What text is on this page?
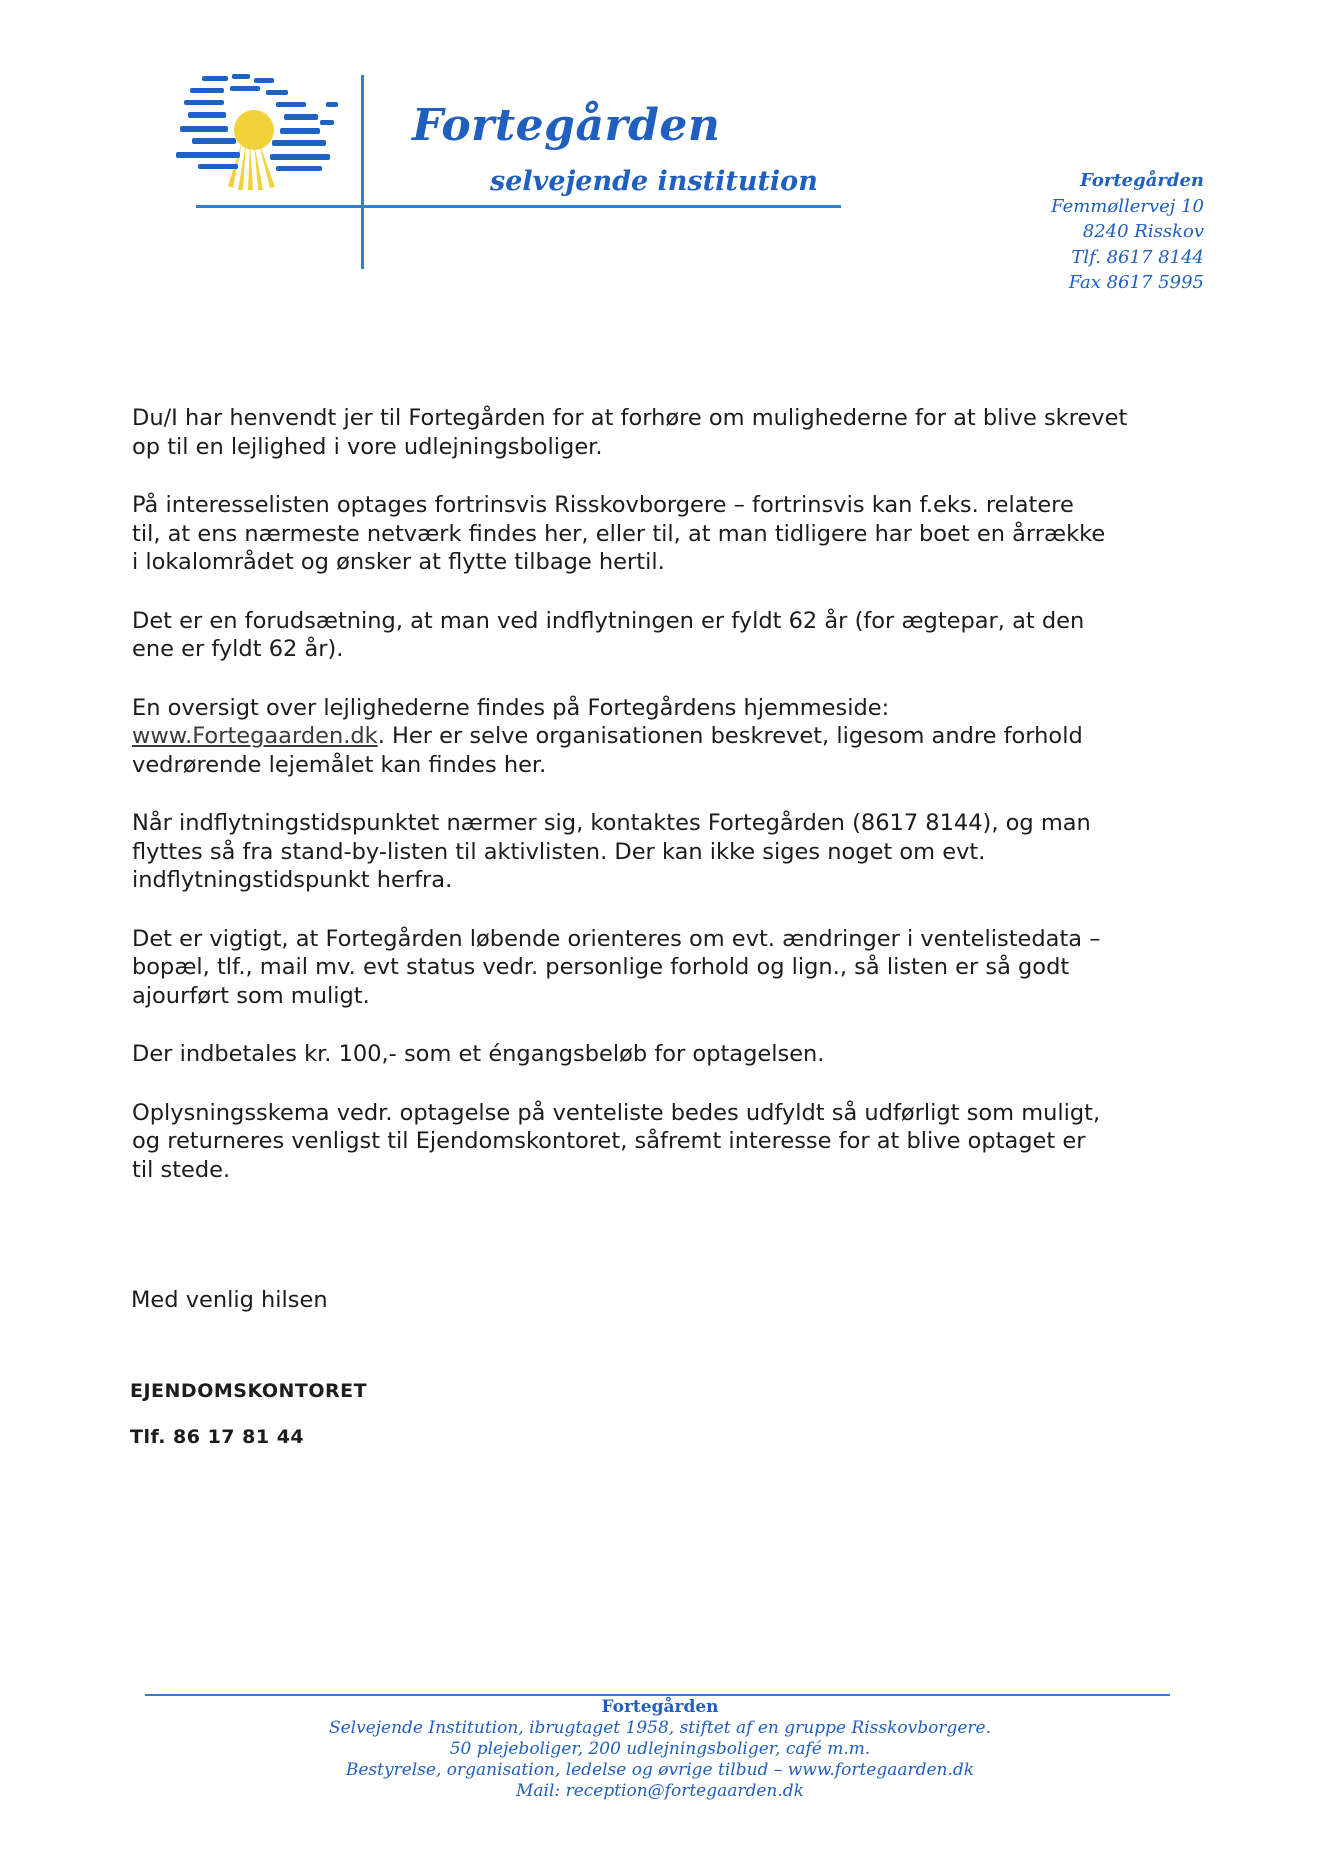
Fortegården
selvejende institution	Fortegården
Femmøllervej 10
8240 Risskov
Tlf. 8617 8144
Fax 8617 5995

Du/I har henvendt jer til Fortegården for at forhøre om mulighederne for at blive skrevet op til en lejlighed i vore udlejningsboliger.

På interesselisten optages fortrinsvis Risskovborgere – fortrinsvis kan f.eks. relatere
til, at ens nærmeste netværk findes her, eller til, at man tidligere har boet en årrække
i lokalområdet og ønsker at flytte tilbage hertil.

Det er en forudsætning, at man ved indflytningen er fyldt 62 år (for ægtepar, at den
ene er fyldt 62 år).

En oversigt over lejlighederne findes på Fortegårdens hjemmeside:
www.Fortegaarden.dk. Her er selve organisationen beskrevet, ligesom andre forhold
vedrørende lejemålet kan findes her.

Når indflytningstidspunktet nærmer sig, kontaktes Fortegården (8617 8144), og man
flyttes så fra stand-by-listen til aktivlisten. Der kan ikke siges noget om evt.
indflytningstidspunkt herfra.

Det er vigtigt, at Fortegården løbende orienteres om evt. ændringer i ventelistedata –
bopæl, tlf., mail mv. evt status vedr. personlige forhold og lign., så listen er så godt
ajourført som muligt.

Der indbetales kr. 100,- som et éngangsbeløb for optagelsen.

Oplysningsskema vedr. optagelse på venteliste bedes udfyldt så udførligt som muligt,
og returneres venligst til Ejendomskontoret, såfremt interesse for at blive optaget er
til stede.

Med venlig hilsen
EJENDOMSKONTORET
Tlf. 86 17 81 44
Fortegården
Selvejende Institution, ibrugtaget 1958, stiftet af en gruppe Risskovborgere.
50 plejeboliger, 200 udlejningsboliger, café m.m.
Bestyrelse, organisation, ledelse og øvrige tilbud – www.fortegaarden.dk
Mail: reception@fortegaarden.dk
